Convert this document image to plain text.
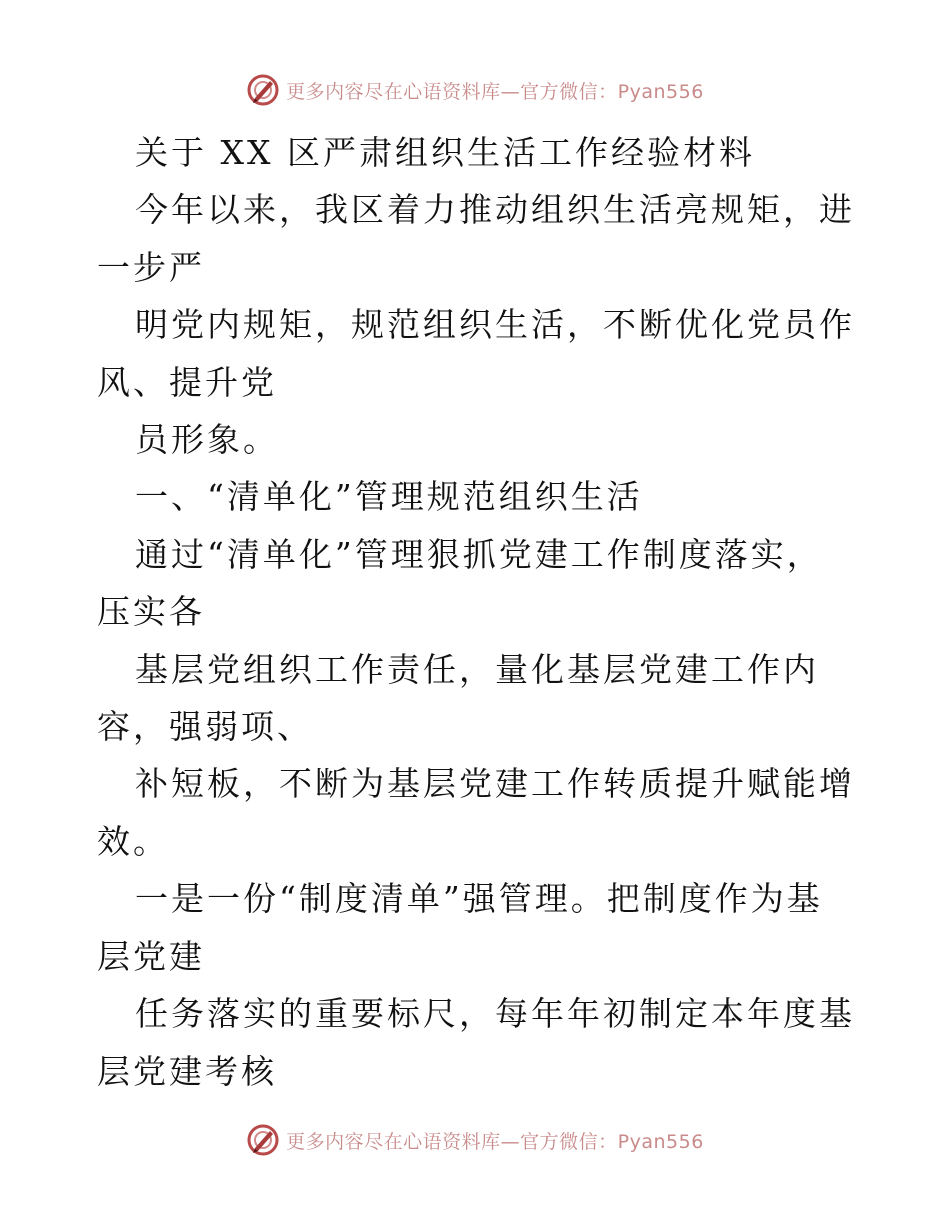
更多内容尽在心语资料库—官方微信：Pyan556

关于 XX 区严肃组织生活工作经验材料

今年以来，我区着力推动组织生活亮规矩，进一步严

明党内规矩，规范组织生活，不断优化党员作风、提升党

员形象。

一、“清单化”管理规范组织生活

通过“清单化”管理狠抓党建工作制度落实，压实各

基层党组织工作责任，量化基层党建工作内容，强弱项、

补短板，不断为基层党建工作转质提升赋能增效。

一是一份“制度清单”强管理。把制度作为基层党建

任务落实的重要标尺，每年年初制定本年度基层党建考核

更多内容尽在心语资料库—官方微信：Pyan556
